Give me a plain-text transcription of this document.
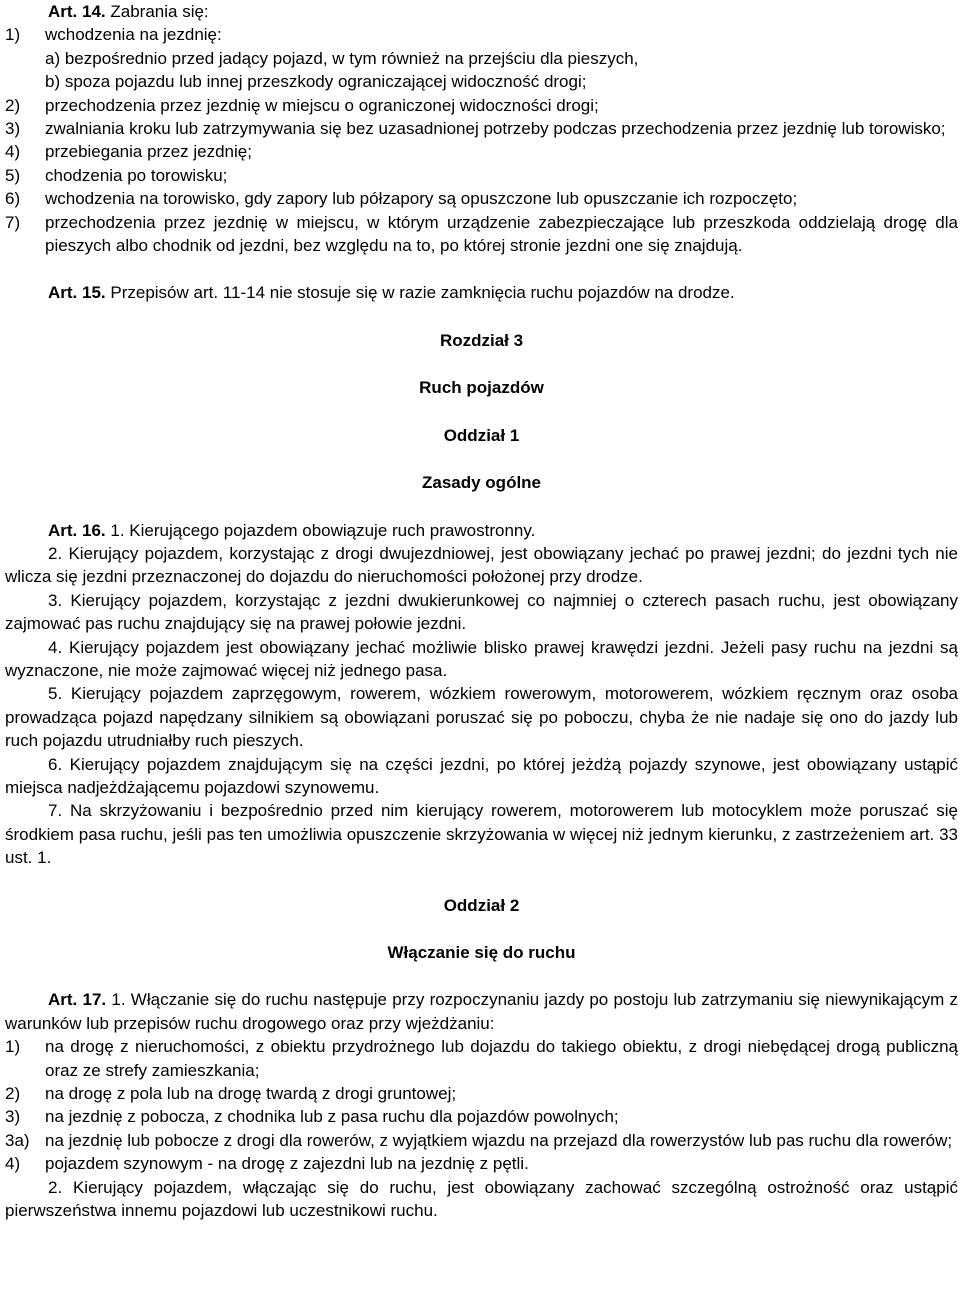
Art. 14. Zabrania się:
1)	wchodzenia na jezdnię:
a) bezpośrednio przed jadący pojazd, w tym również na przejściu dla pieszych,
b) spoza pojazdu lub innej przeszkody ograniczającej widoczność drogi;
2)	przechodzenia przez jezdnię w miejscu o ograniczonej widoczności drogi;
3)	zwalniania kroku lub zatrzymywania się bez uzasadnionej potrzeby podczas przechodzenia przez jezdnię lub torowisko;
4)	przebiegania przez jezdnię;
5)	chodzenia po torowisku;
6)	wchodzenia na torowisko, gdy zapory lub półzapory są opuszczone lub opuszczanie ich rozpoczęto;
7)	przechodzenia przez jezdnię w miejscu, w którym urządzenie zabezpieczające lub przeszkoda oddzielają drogę dla pieszych albo chodnik od jezdni, bez względu na to, po której stronie jezdni one się znajdują.
Art. 15. Przepisów art. 11-14 nie stosuje się w razie zamknięcia ruchu pojazdów na drodze.
Rozdział 3
Ruch pojazdów
Oddział 1
Zasady ogólne
Art. 16. 1. Kierującego pojazdem obowiązuje ruch prawostronny.
2. Kierujący pojazdem, korzystając z drogi dwujezdniowej, jest obowiązany jechać po prawej jezdni; do jezdni tych nie wlicza się jezdni przeznaczonej do dojazdu do nieruchomości położonej przy drodze.
3. Kierujący pojazdem, korzystając z jezdni dwukierunkowej co najmniej o czterech pasach ruchu, jest obowiązany zajmować pas ruchu znajdujący się na prawej połowie jezdni.
4. Kierujący pojazdem jest obowiązany jechać możliwie blisko prawej krawędzi jezdni. Jeżeli pasy ruchu na jezdni są wyznaczone, nie może zajmować więcej niż jednego pasa.
5. Kierujący pojazdem zaprzęgowym, rowerem, wózkiem rowerowym, motorowerem, wózkiem ręcznym oraz osoba prowadząca pojazd napędzany silnikiem są obowiązani poruszać się po poboczu, chyba że nie nadaje się ono do jazdy lub ruch pojazdu utrudniałby ruch pieszych.
6. Kierujący pojazdem znajdującym się na części jezdni, po której jeżdżą pojazdy szynowe, jest obowiązany ustąpić miejsca nadjeżdżającemu pojazdowi szynowemu.
7. Na skrzyżowaniu i bezpośrednio przed nim kierujący rowerem, motorowerem lub motocyklem może poruszać się środkiem pasa ruchu, jeśli pas ten umożliwia opuszczenie skrzyżowania w więcej niż jednym kierunku, z zastrzeżeniem art. 33 ust. 1.
Oddział 2
Włączanie się do ruchu
Art. 17. 1. Włączanie się do ruchu następuje przy rozpoczynaniu jazdy po postoju lub zatrzymaniu się niewynikającym z warunków lub przepisów ruchu drogowego oraz przy wjeżdżaniu:
1)	na drogę z nieruchomości, z obiektu przydrożnego lub dojazdu do takiego obiektu, z drogi niebędącej drogą publiczną oraz ze strefy zamieszkania;
2)	na drogę z pola lub na drogę twardą z drogi gruntowej;
3)	na jezdnię z pobocza, z chodnika lub z pasa ruchu dla pojazdów powolnych;
3a) na jezdnię lub pobocze z drogi dla rowerów, z wyjątkiem wjazdu na przejazd dla rowerzystów lub pas ruchu dla rowerów;
4)	pojazdem szynowym - na drogę z zajezdni lub na jezdnię z pętli.
2. Kierujący pojazdem, włączając się do ruchu, jest obowiązany zachować szczególną ostrożność oraz ustąpić pierwszeństwa innemu pojazdowi lub uczestnikowi ruchu.
